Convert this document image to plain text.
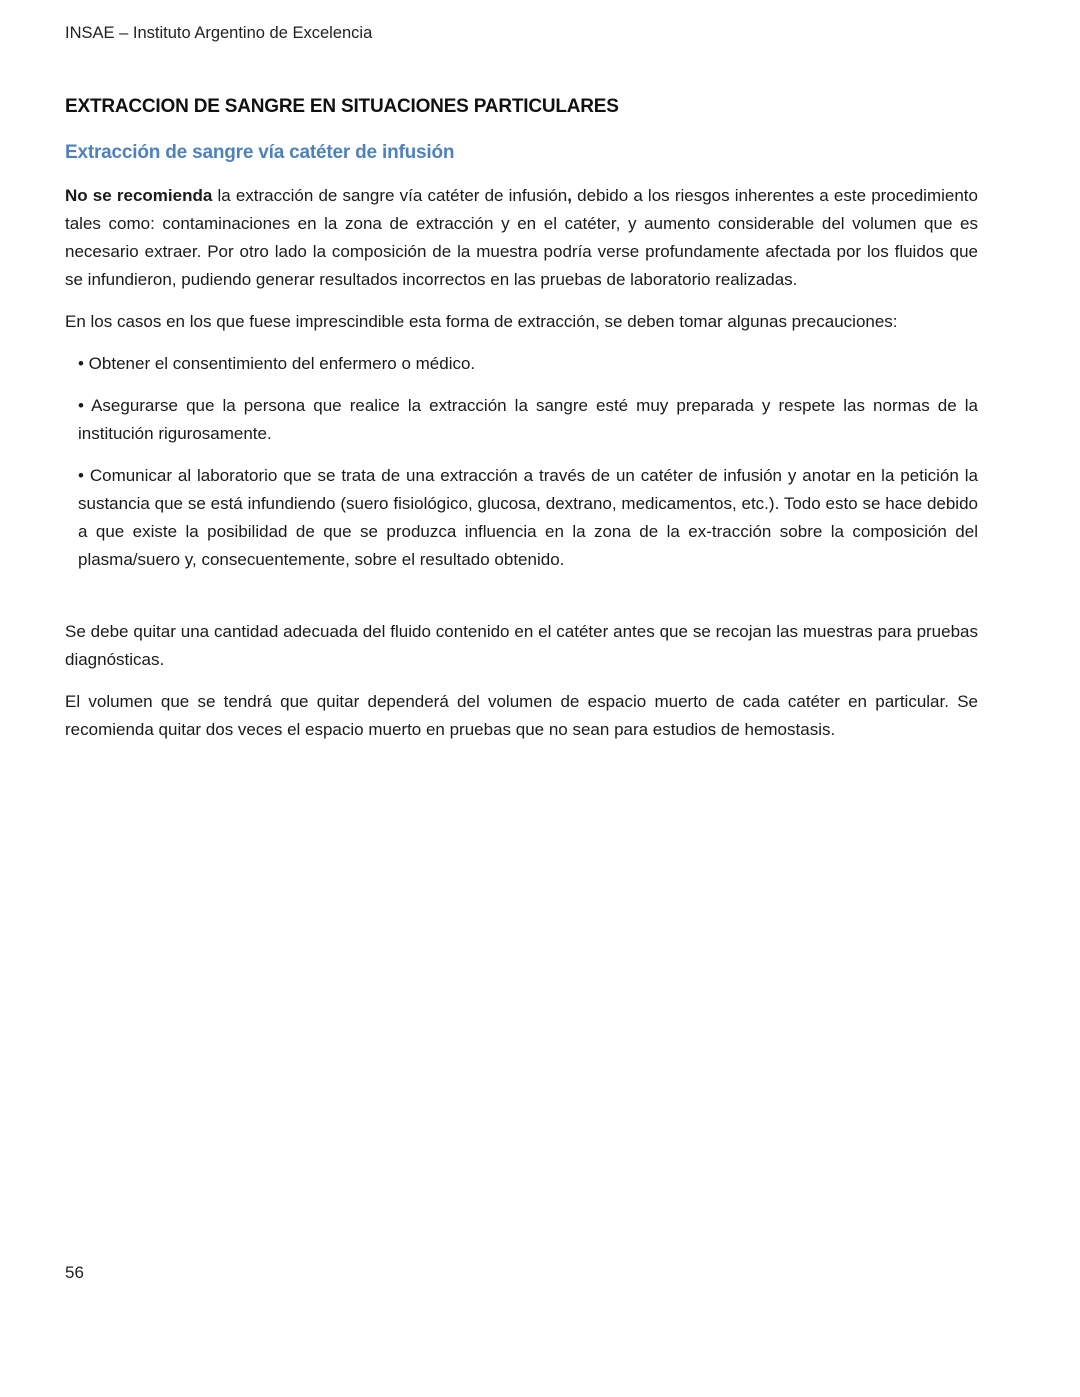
INSAE – Instituto Argentino de Excelencia
EXTRACCION DE SANGRE EN SITUACIONES PARTICULARES
Extracción de sangre vía catéter de infusión

No se recomienda la extracción de sangre vía catéter de infusión, debido a los riesgos inherentes a este procedimiento tales como: contaminaciones en la zona de extracción y en el catéter, y aumento considerable del volumen que es necesario extraer. Por otro lado la composición de la muestra podría verse profundamente afectada por los fluidos que se infundieron, pudiendo generar resultados incorrectos en las pruebas de laboratorio realizadas.

En los casos en los que fuese imprescindible esta forma de extracción, se deben tomar algunas precauciones:

• Obtener el consentimiento del enfermero o médico.

• Asegurarse que la persona que realice la extracción la sangre esté muy preparada y respete las normas de la institución rigurosamente.

• Comunicar al laboratorio que se trata de una extracción a través de un catéter de infusión y anotar en la petición la sustancia que se está infundiendo (suero fisiológico, glucosa, dextrano, medicamentos, etc.). Todo esto se hace debido a que existe la posibilidad de que se produzca influencia en la zona de la ex-tracción sobre la composición del plasma/suero y, consecuentemente, sobre el resultado obtenido.

Se debe quitar una cantidad adecuada del fluido contenido en el catéter antes que se recojan las muestras para pruebas diagnósticas.

El volumen que se tendrá que quitar dependerá del volumen de espacio muerto de cada catéter en particular. Se recomienda quitar dos veces el espacio muerto en pruebas que no sean para estudios de hemostasis.

56
